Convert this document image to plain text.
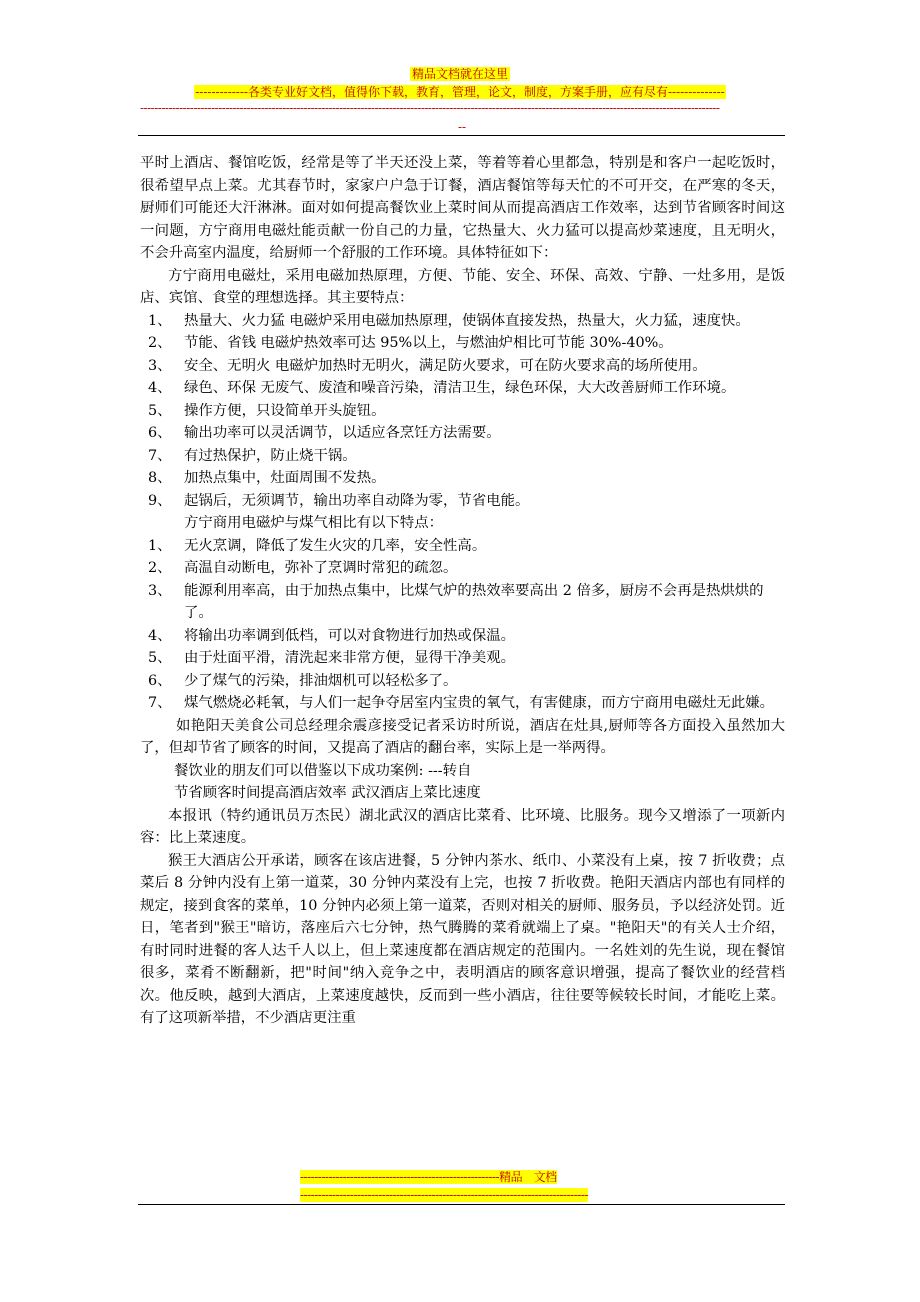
精品文档就在这里
-------------各类专业好文档，值得你下载，教育，管理，论文，制度，方案手册，应有尽有--------------
-------------------------------------------------------------------------------------------------------------------------------------------------------------------
--

平时上酒店、餐馆吃饭，经常是等了半天还没上菜，等着等着心里都急，特别是和客户一起吃饭时，很希望早点上菜。尤其春节时，家家户户急于订餐，酒店餐馆等每天忙的不可开交，在严寒的冬天，厨师们可能还大汗淋淋。面对如何提高餐饮业上菜时间从而提高酒店工作效率，达到节省顾客时间这一问题，方宁商用电磁灶能贡献一份自己的力量，它热量大、火力猛可以提高炒菜速度，且无明火，不会升高室内温度，给厨师一个舒服的工作环境。具体特征如下：

方宁商用电磁灶，采用电磁加热原理，方便、节能、安全、环保、高效、宁静、一灶多用，是饭店、宾馆、食堂的理想选择。其主要特点：

1、 热量大、火力猛 电磁炉采用电磁加热原理，使锅体直接发热，热量大，火力猛，速度快。
2、 节能、省钱 电磁炉热效率可达 95%以上，与燃油炉相比可节能 30%-40%。
3、 安全、无明火 电磁炉加热时无明火，满足防火要求，可在防火要求高的场所使用。
4、 绿色、环保 无废气、废渣和噪音污染，清洁卫生，绿色环保，大大改善厨师工作环境。
5、 操作方便，只设简单开头旋钮。
6、 输出功率可以灵活调节，以适应各烹饪方法需要。
7、 有过热保护，防止烧干锅。
8、 加热点集中，灶面周围不发热。
9、 起锅后，无须调节，输出功率自动降为零，节省电能。

方宁商用电磁炉与煤气相比有以下特点：

1、 无火烹调，降低了发生火灾的几率，安全性高。
2、 高温自动断电，弥补了烹调时常犯的疏忽。
3、 能源利用率高，由于加热点集中，比煤气炉的热效率要高出 2 倍多，厨房不会再是热烘烘的了。
4、 将输出功率调到低档，可以对食物进行加热或保温。
5、 由于灶面平滑，清洗起来非常方便，显得干净美观。
6、 少了煤气的污染，排油烟机可以轻松多了。
7、 煤气燃烧必耗氧，与人们一起争夺居室内宝贵的氧气，有害健康，而方宁商用电磁灶无此嫌。

如艳阳天美食公司总经理余震彦接受记者采访时所说，酒店在灶具,厨师等各方面投入虽然加大了，但却节省了顾客的时间，又提高了酒店的翻台率，实际上是一举两得。

餐饮业的朋友们可以借鉴以下成功案例: ---转自

节省顾客时间提高酒店效率 武汉酒店上菜比速度

本报讯（特约通讯员万杰民）湖北武汉的酒店比菜肴、比环境、比服务。现今又增添了一项新内容：比上菜速度。

猴王大酒店公开承诺，顾客在该店进餐，5 分钟内茶水、纸巾、小菜没有上桌，按 7 折收费；点菜后 8 分钟内没有上第一道菜，30 分钟内菜没有上完，也按 7 折收费。艳阳天酒店内部也有同样的规定，接到食客的菜单，10 分钟内必须上第一道菜，否则对相关的厨师、服务员，予以经济处罚。近日，笔者到"猴王"暗访，落座后六七分钟，热气腾腾的菜肴就端上了桌。"艳阳天"的有关人士介绍，有时同时进餐的客人达千人以上，但上菜速度都在酒店规定的范围内。一名姓刘的先生说，现在餐馆很多，菜肴不断翻新，把"时间"纳入竞争之中，表明酒店的顾客意识增强，提高了餐饮业的经营档次。他反映，越到大酒店，上菜速度越快，反而到一些小酒店，往往要等候较长时间，才能吃上菜。有了这项新举措，不少酒店更注重

--------------------------------------------------------精品　文档
---------------------------------------------------------------------------------
